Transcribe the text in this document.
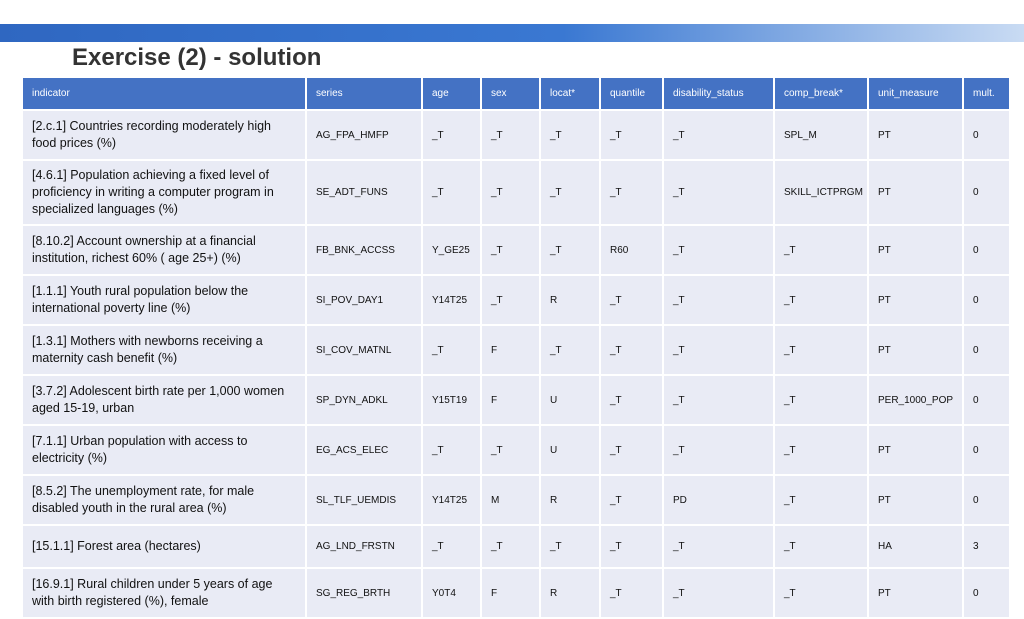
Exercise (2) - solution
indicator	series	age	sex	locat*	quantile	disability_status	comp_break*	unit_measure	mult.
[2.c.1] Countries recording moderately high food prices (%)	AG_FPA_HMFP	_T	_T	_T	_T	_T	SPL_M	PT	0
[4.6.1] Population achieving a fixed level of proficiency in writing a computer program in specialized languages (%)	SE_ADT_FUNS	_T	_T	_T	_T	_T	SKILL_ICTPRGM	PT	0
[8.10.2] Account ownership at a financial institution, richest 60% ( age 25+) (%)	FB_BNK_ACCSS	Y_GE25	_T	_T	R60	_T	_T	PT	0
[1.1.1] Youth rural population below the international poverty line (%)	SI_POV_DAY1	Y14T25	_T	R	_T	_T	_T	PT	0
[1.3.1] Mothers with newborns receiving a maternity cash benefit (%)	SI_COV_MATNL	_T	F	_T	_T	_T	_T	PT	0
[3.7.2] Adolescent birth rate per 1,000 women aged 15-19, urban	SP_DYN_ADKL	Y15T19	F	U	_T	_T	_T	PER_1000_POP	0
[7.1.1] Urban population with access to electricity (%)	EG_ACS_ELEC	_T	_T	U	_T	_T	_T	PT	0
[8.5.2] The unemployment rate, for male disabled youth in the rural area (%)	SL_TLF_UEMDIS	Y14T25	M	R	_T	PD	_T	PT	0
[15.1.1] Forest area (hectares)	AG_LND_FRSTN	_T	_T	_T	_T	_T	_T	HA	3
[16.9.1] Rural children under 5 years of age with birth registered (%), female	SG_REG_BRTH	Y0T4	F	R	_T	_T	_T	PT	0
